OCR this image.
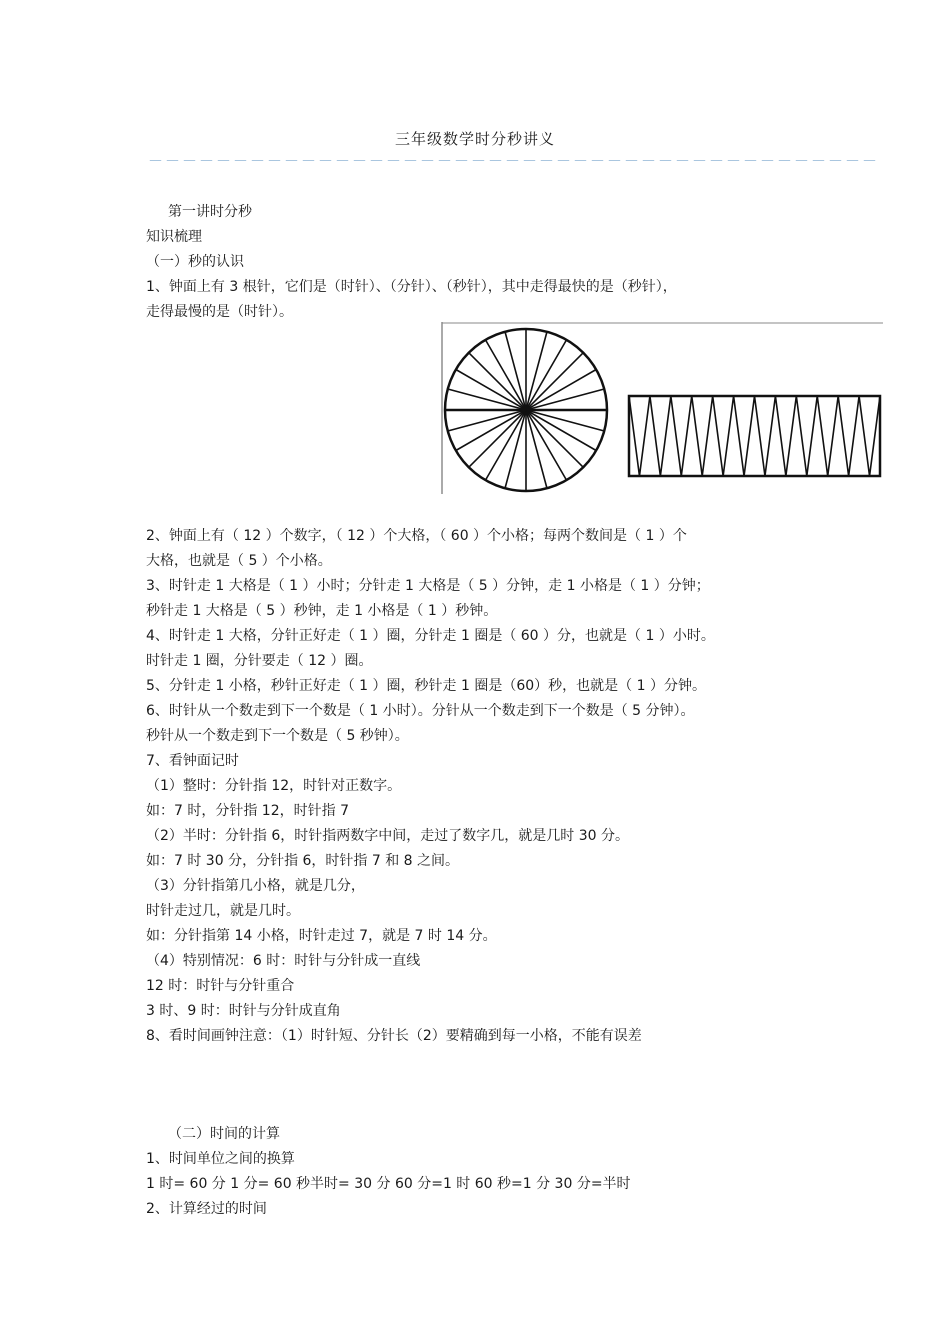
三年级数学时分秒讲义
－－－－－－－－－－－－－－－－－－－－－－－－－－－－－－－－－－－－－－－－－－－
第一讲时分秒
知识梳理
（一）秒的认识
1、钟面上有 3 根针，它们是（时针）、（分针）、（秒针），其中走得最快的是（秒针），
走得最慢的是（时针）。
2、钟面上有（ 12 ）个数字，（ 12 ）个大格，（ 60 ）个小格；每两个数间是（ 1 ）个
大格，也就是（ 5 ）个小格。
3、时针走 1 大格是（ 1 ）小时；分针走 1 大格是（ 5 ）分钟，走 1 小格是（ 1 ）分钟；
秒针走 1 大格是（ 5 ）秒钟，走 1 小格是（ 1 ）秒钟。
4、时针走 1 大格，分针正好走（ 1 ）圈，分针走 1 圈是（ 60 ）分，也就是（ 1 ）小时。
时针走 1 圈，分针要走（ 12 ）圈。
5、分针走 1 小格，秒针正好走（ 1 ）圈，秒针走 1 圈是（60）秒，也就是（ 1 ）分钟。
6、时针从一个数走到下一个数是（ 1 小时）。分针从一个数走到下一个数是（ 5 分钟）。
秒针从一个数走到下一个数是（ 5 秒钟）。
7、看钟面记时
（1）整时：分针指 12，时针对正数字。
如：7 时，分针指 12，时针指 7
（2）半时：分针指 6，时针指两数字中间，走过了数字几，就是几时 30 分。
如：7 时 30 分，分针指 6，时针指 7 和 8 之间。
（3）分针指第几小格，就是几分，
时针走过几，就是几时。
如：分针指第 14 小格，时针走过 7，就是 7 时 14 分。
（4）特别情况：6 时：时针与分针成一直线
12 时：时针与分针重合
3 时、9 时：时针与分针成直角
8、看时间画钟注意：（1）时针短、分针长（2）要精确到每一小格，不能有误差
（二）时间的计算
1、时间单位之间的换算
1 时= 60 分 1 分= 60 秒半时= 30 分 60 分=1 时 60 秒=1 分 30 分=半时
2、计算经过的时间
